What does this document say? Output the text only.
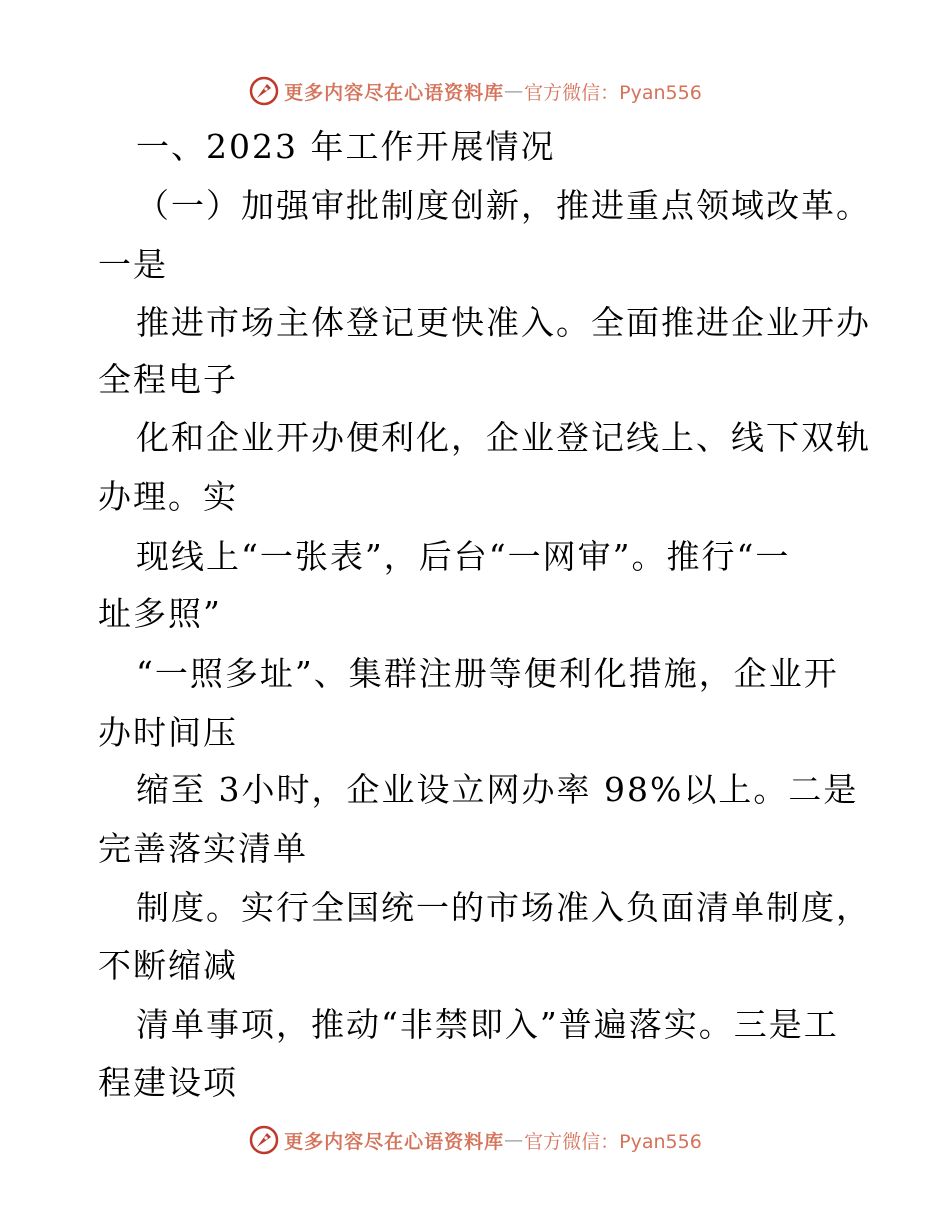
更多内容尽在心语资料库 — 官方微信：Pyan556
一、2023 年工作开展情况
（一）加强审批制度创新，推进重点领域改革。
一是
推进市场主体登记更快准入。全面推进企业开办
全程电子
化和企业开办便利化，企业登记线上、线下双轨
办理。实
现线上“一张表”，后台“一网审”。推行“一
址多照”
“一照多址”、集群注册等便利化措施，企业开
办时间压
缩至 3小时，企业设立网办率 98%以上。二是
完善落实清单
制度。实行全国统一的市场准入负面清单制度，
不断缩减
清单事项，推动“非禁即入”普遍落实。三是工
程建设项
更多内容尽在心语资料库 — 官方微信：Pyan556
